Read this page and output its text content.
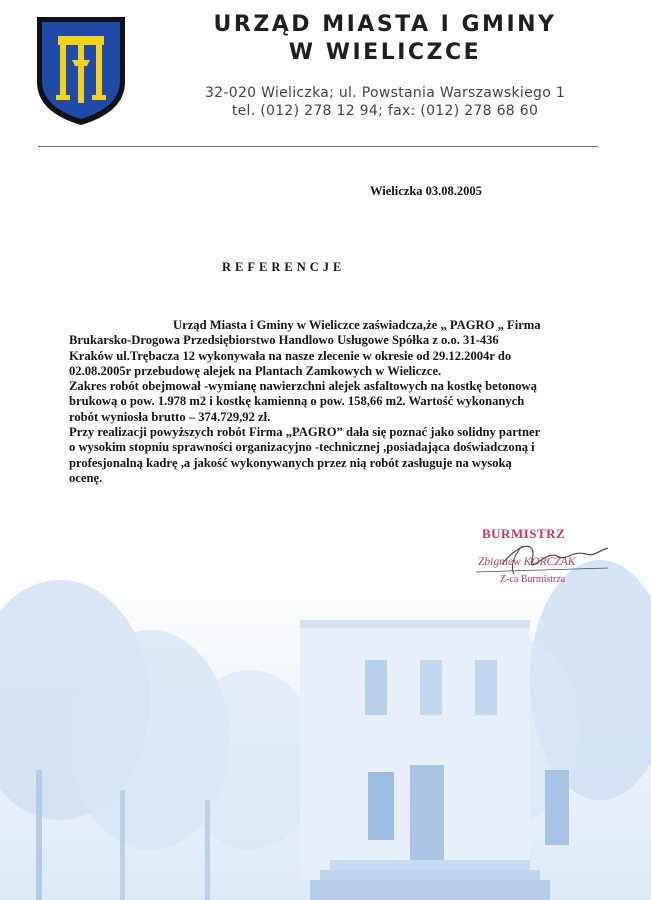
URZĄD MIASTA I GMINY
W WIELICZCE
32-020 Wieliczka; ul. Powstania Warszawskiego 1
tel. (012) 278 12 94; fax: (012) 278 68 60
Wieliczka 03.08.2005
REFERENCJE

Urząd Miasta i Gminy w Wieliczce zaświadcza,że „ PAGRO „ Firma

Brukarsko-Drogowa Przedsiębiorstwo Handlowo Usługowe Spółka z o.o. 31-436

Kraków ul.Trębacza 12 wykonywała na nasze zlecenie w okresie od 29.12.2004r do

02.08.2005r przebudowę alejek na Plantach Zamkowych w Wieliczce.

Zakres robót obejmował -wymianę nawierzchni alejek asfaltowych na kostkę betonową

brukową o pow. 1.978 m2 i kostkę kamienną o pow. 158,66 m2. Wartość wykonanych

robót wyniosła brutto – 374.729,92 zł.

Przy realizacji powyższych robót Firma „PAGRO” dała się poznać jako solidny partner

o wysokim stopniu sprawności organizacyjno -technicznej ,posiadająca doświadczoną i

profesjonalną kadrę ,a jakość wykonywanych przez nią robót zasługuje na wysoką

ocenę.

BURMISTRZ
Zbigniew KORCZAK
Z-ca Burmistrza
